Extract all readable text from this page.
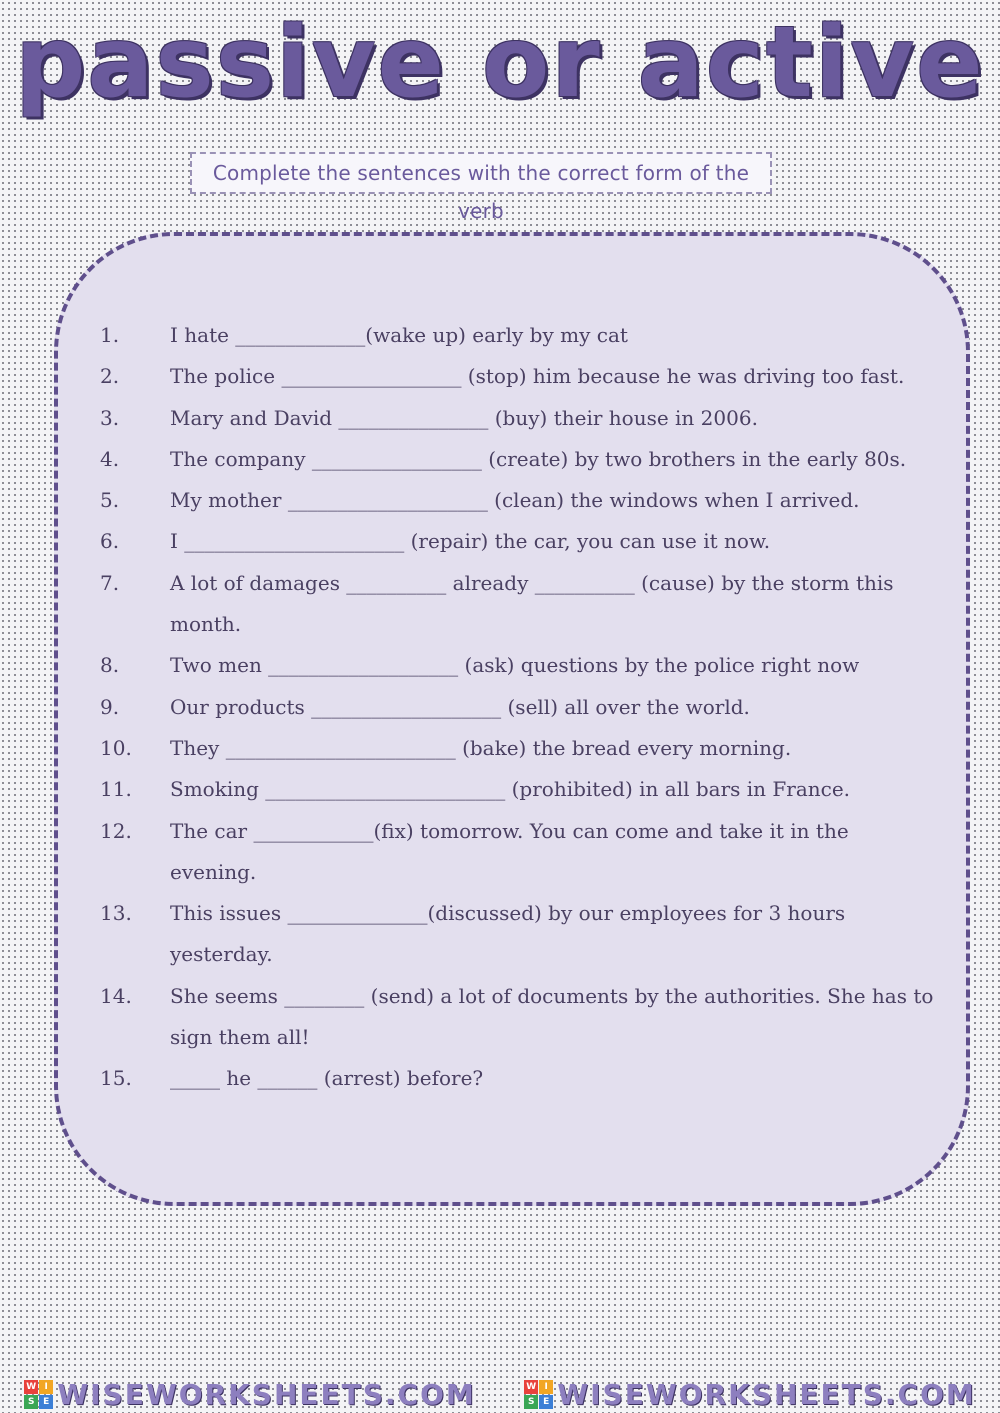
passive or active
Complete the sentences with the correct form of the verb
1.	I hate _____________(wake up) early by my cat
2.	The police __________________ (stop) him because he was driving too fast.
3.	Mary and David _______________ (buy) their house in 2006.
4.	The company _________________ (create) by two brothers in the early 80s.
5.	My mother ____________________ (clean) the windows when I arrived.
6.	I ______________________ (repair) the car, you can use it now.
7.	A lot of damages __________ already __________ (cause) by the storm this month.
8.	Two men ___________________ (ask) questions by the police right now
9.	Our products ___________________ (sell) all over the world.
10.	They _______________________ (bake) the bread every morning.
11.	Smoking ________________________ (prohibited) in all bars in France.
12.	The car ____________(fix) tomorrow. You can come and take it in the evening.
13.	This issues ______________(discussed) by our employees for 3 hours yesterday.
14.	She seems ________ (send) a lot of documents by the authorities. She has to sign them all!
15.	_____ he ______ (arrest) before?
W I
S E WISEWORKSHEETS.COM	W I
S E WISEWORKSHEETS.COM
